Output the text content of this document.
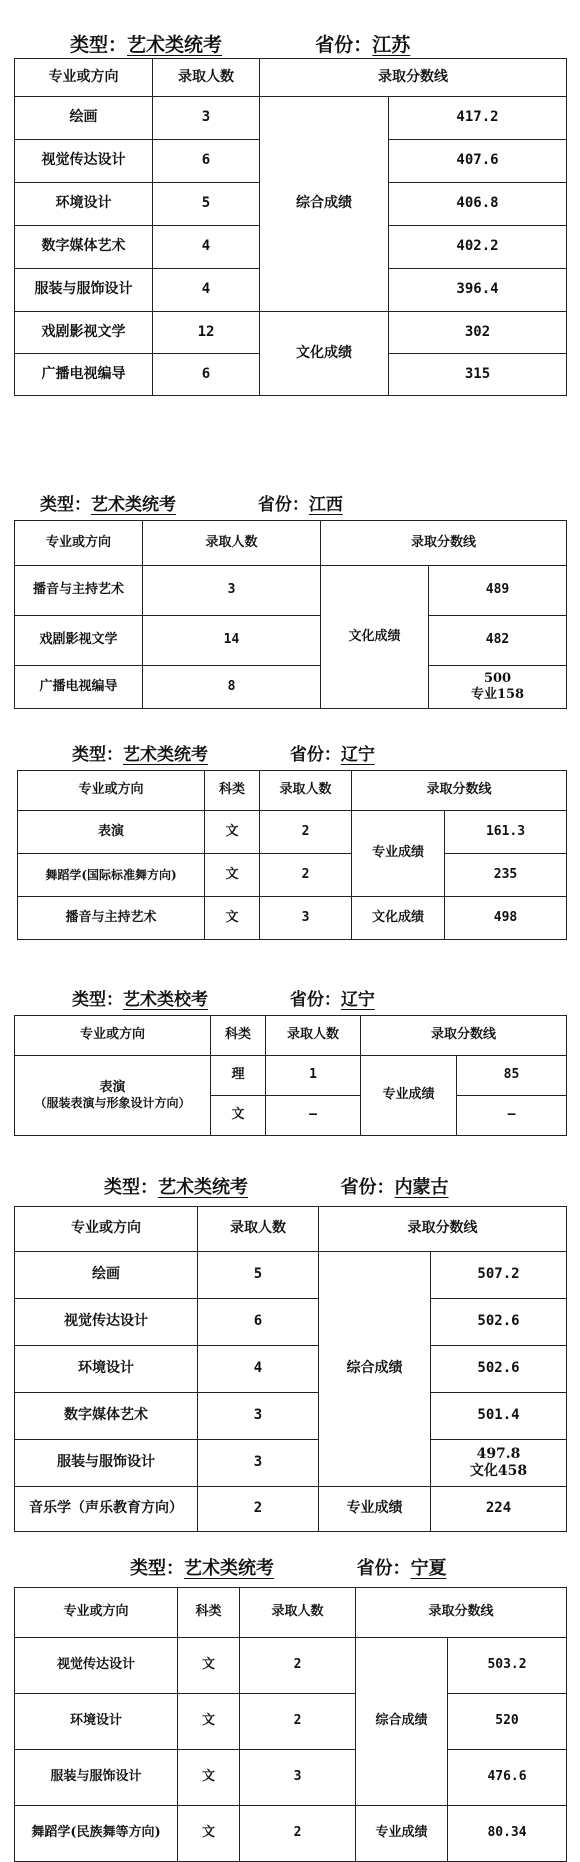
类型：艺术类统考	省份：江苏
专业或方向	录取人数	录取分数线	
绘画	3	综合成绩	417.2
视觉传达设计	6		407.6
环境设计	5		406.8
数字媒体艺术	4		402.2
服装与服饰设计	4		396.4
戏剧影视文学	12	文化成绩	302
广播电视编导	6		315
类型：艺术类统考	省份：江西
专业或方向	录取人数	录取分数线	
播音与主持艺术	3	文化成绩	489
戏剧影视文学	14		482
广播电视编导	8		500
专业158
类型：艺术类统考	省份：辽宁
专业或方向	科类	录取人数	录取分数线	
表演	文	2	专业成绩	161.3
舞蹈学(国际标准舞方向)	文	2		235
播音与主持艺术	文	3	文化成绩	498
类型：艺术类校考	省份：辽宁
专业或方向	科类	录取人数	录取分数线	

表演
（服装表演与形象设计方向）	理	1	专业成绩	85
	文	–		–
类型：艺术类统考	省份：内蒙古
专业或方向	录取人数	录取分数线	
绘画	5	综合成绩	507.2
视觉传达设计	6		502.6
环境设计	4		502.6
数字媒体艺术	3		501.4
服装与服饰设计	3		497.8
文化458

音乐学（声乐教育方向）	2	专业成绩	224
类型：艺术类统考	省份：宁夏
专业或方向	科类	录取人数	录取分数线	
视觉传达设计	文	2	综合成绩	503.2
环境设计	文	2		520
服装与服饰设计	文	3		476.6
舞蹈学(民族舞等方向)	文	2	专业成绩	80.34
